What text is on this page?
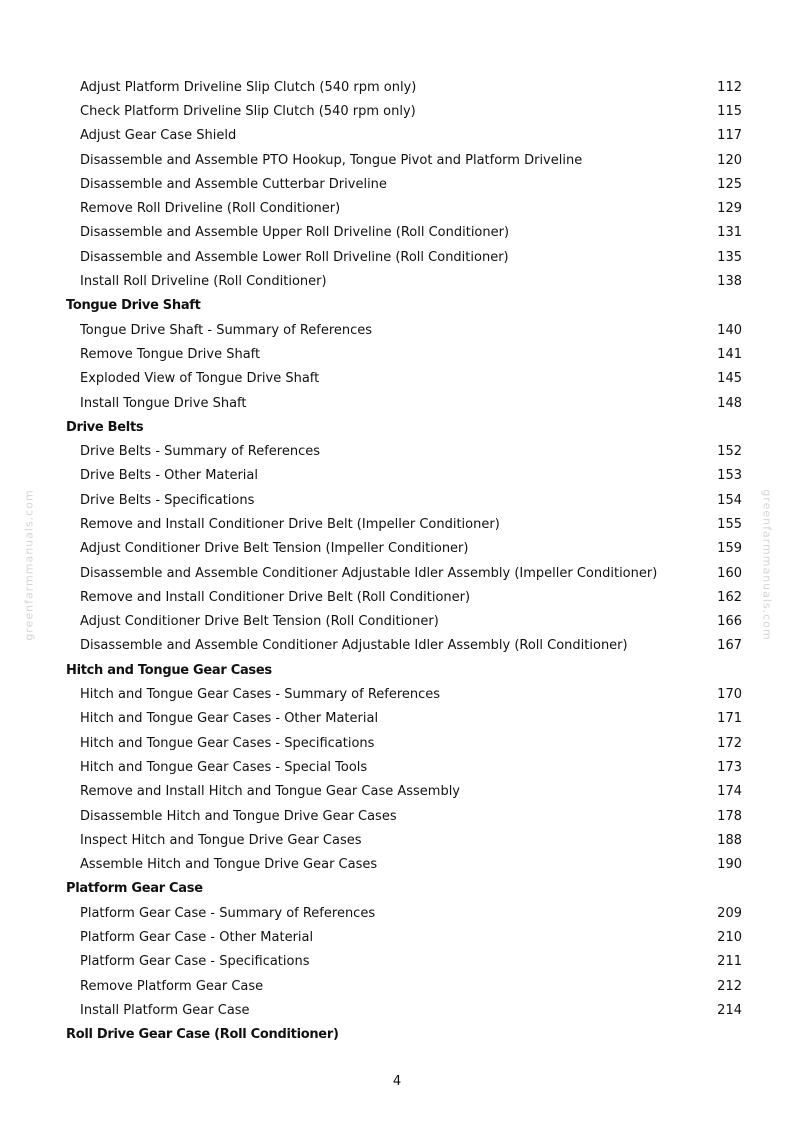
Adjust Platform Driveline Slip Clutch (540 rpm only)	112
Check Platform Driveline Slip Clutch (540 rpm only)	115
Adjust Gear Case Shield	117
Disassemble and Assemble PTO Hookup, Tongue Pivot and Platform Driveline	120
Disassemble and Assemble Cutterbar Driveline	125
Remove Roll Driveline (Roll Conditioner)	129
Disassemble and Assemble Upper Roll Driveline (Roll Conditioner)	131
Disassemble and Assemble Lower Roll Driveline (Roll Conditioner)	135
Install Roll Driveline (Roll Conditioner)	138
Tongue Drive Shaft
Tongue Drive Shaft - Summary of References	140
Remove Tongue Drive Shaft	141
Exploded View of Tongue Drive Shaft	145
Install Tongue Drive Shaft	148
Drive Belts
Drive Belts - Summary of References	152
Drive Belts - Other Material	153
Drive Belts - Specifications	154
Remove and Install Conditioner Drive Belt (Impeller Conditioner)	155
Adjust Conditioner Drive Belt Tension (Impeller Conditioner)	159
Disassemble and Assemble Conditioner Adjustable Idler Assembly (Impeller Conditioner)	160
Remove and Install Conditioner Drive Belt (Roll Conditioner)	162
Adjust Conditioner Drive Belt Tension (Roll Conditioner)	166
Disassemble and Assemble Conditioner Adjustable Idler Assembly (Roll Conditioner)	167
Hitch and Tongue Gear Cases
Hitch and Tongue Gear Cases - Summary of References	170
Hitch and Tongue Gear Cases - Other Material	171
Hitch and Tongue Gear Cases - Specifications	172
Hitch and Tongue Gear Cases - Special Tools	173
Remove and Install Hitch and Tongue Gear Case Assembly	174
Disassemble Hitch and Tongue Drive Gear Cases	178
Inspect Hitch and Tongue Drive Gear Cases	188
Assemble Hitch and Tongue Drive Gear Cases	190
Platform Gear Case
Platform Gear Case - Summary of References	209
Platform Gear Case - Other Material	210
Platform Gear Case - Specifications	211
Remove Platform Gear Case	212
Install Platform Gear Case	214
Roll Drive Gear Case (Roll Conditioner)
greenfarmmanuals.com	greenfarmmanuals.com
4
